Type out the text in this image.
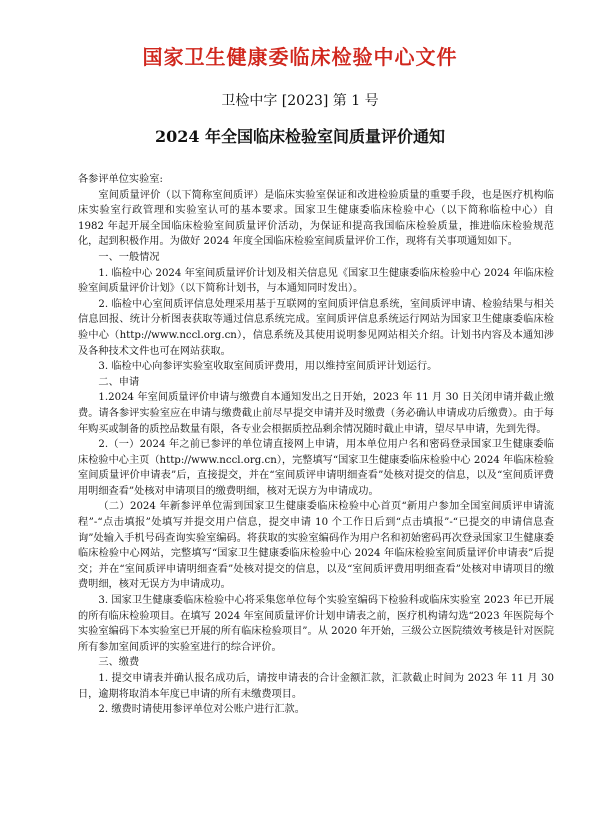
国家卫生健康委临床检验中心文件
卫检中字 [2023] 第 1 号
2024 年全国临床检验室间质量评价通知

各参评单位实验室:

室间质量评价（以下简称室间质评）是临床实验室保证和改进检验质量的重要手段，也是医疗机构临床实验室行政管理和实验室认可的基本要求。国家卫生健康委临床检验中心（以下简称临检中心）自 1982 年起开展全国临床检验室间质量评价活动，为保证和提高我国临床检验质量，推进临床检验规范化，起到积极作用。为做好 2024 年度全国临床检验室间质量评价工作，现将有关事项通知如下。

一、一般情况

1. 临检中心 2024 年室间质量评价计划及相关信息见《国家卫生健康委临床检验中心 2024 年临床检验室间质量评价计划》（以下简称计划书，与本通知同时发出）。

2. 临检中心室间质评信息处理采用基于互联网的室间质评信息系统，室间质评申请、检验结果与相关信息回报、统计分析图表获取等通过信息系统完成。室间质评信息系统运行网站为国家卫生健康委临床检验中心（http://www.nccl.org.cn），信息系统及其使用说明参见网站相关介绍。计划书内容及本通知涉及各种技术文件也可在网站获取。

3. 临检中心向参评实验室收取室间质评费用，用以维持室间质评计划运行。

二、申请

1.2024 年室间质量评价申请与缴费自本通知发出之日开始，2023 年 11 月 30 日关闭申请并截止缴费。请各参评实验室应在申请与缴费截止前尽早提交申请并及时缴费（务必确认申请成功后缴费）。由于每年购买或制备的质控品数量有限，各专业会根据质控品剩余情况随时截止申请，望尽早申请，先到先得。

2.（一）2024 年之前已参评的单位请直接网上申请，用本单位用户名和密码登录国家卫生健康委临床检验中心主页（http://www.nccl.org.cn），完整填写“国家卫生健康委临床检验中心 2024 年临床检验室间质量评价申请表”后，直接提交，并在“室间质评申请明细查看”处核对提交的信息，以及“室间质评费用明细查看”处核对申请项目的缴费明细，核对无误方为申请成功。

（二）2024 年新参评单位需到国家卫生健康委临床检验中心首页“新用户参加全国室间质评申请流程”-“点击填报”处填写并提交用户信息，提交申请 10 个工作日后到“点击填报”-“已提交的申请信息查询”处输入手机号码查询实验室编码。将获取的实验室编码作为用户名和初始密码再次登录国家卫生健康委临床检验中心网站，完整填写“国家卫生健康委临床检验中心 2024 年临床检验室间质量评价申请表”后提交；并在“室间质评申请明细查看”处核对提交的信息，以及“室间质评费用明细查看”处核对申请项目的缴费明细，核对无误方为申请成功。

3. 国家卫生健康委临床检验中心将采集您单位每个实验室编码下检验科或临床实验室 2023 年已开展的所有临床检验项目。在填写 2024 年室间质量评价计划申请表之前，医疗机构请勾选“2023 年医院每个实验室编码下本实验室已开展的所有临床检验项目”。从 2020 年开始，三级公立医院绩效考核是针对医院所有参加室间质评的实验室进行的综合评价。

三、缴费

1. 提交申请表并确认报名成功后，请按申请表的合计金额汇款，汇款截止时间为 2023 年 11 月 30 日，逾期将取消本年度已申请的所有未缴费项目。

2. 缴费时请使用参评单位对公账户进行汇款。
